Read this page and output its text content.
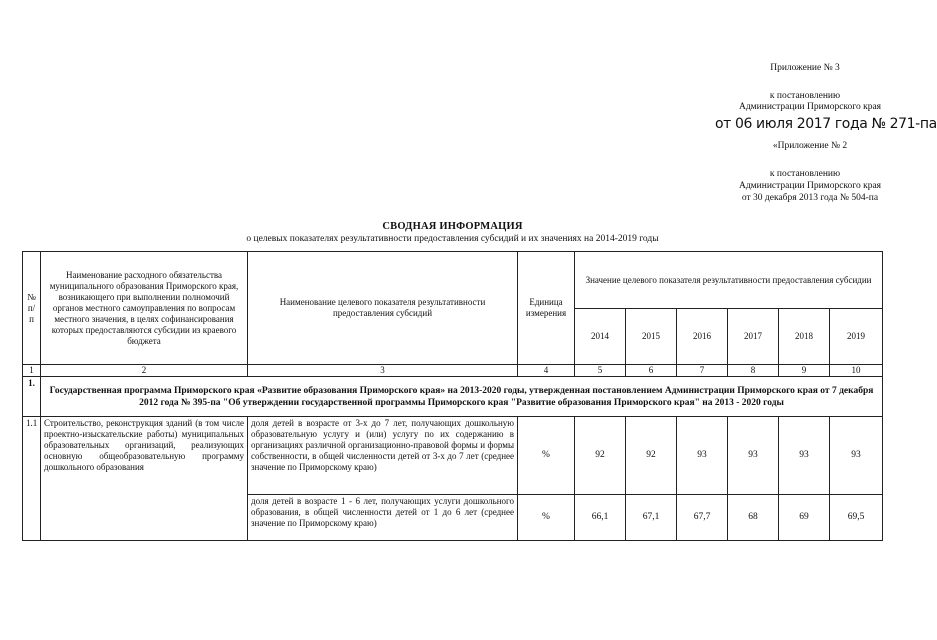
Приложение № 3
к постановлению
Администрации Приморского края
от 06 июля 2017 года № 271-па
«Приложение № 2
к постановлению
Администрации Приморского края
от 30 декабря 2013 года № 504-па
СВОДНАЯ ИНФОРМАЦИЯ
о целевых показателях результативности предоставления субсидий и их значениях на 2014-2019 годы
№ п/п	Наименование расходного обязательства муниципального образования Приморского края, возникающего при выполнении полномочий органов местного самоуправления по вопросам местного значения, в целях софинансирования которых предоставляются субсидии из краевого бюджета	Наименование целевого показателя результативности предоставления субсидий	Единица измерения	Значение целевого показателя результативности предоставления субсидии					
				2014	2015	2016	2017	2018	2019
1	2	3	4	5	6	7	8	9	10
1.	Государственная программа Приморского края «Развитие образования Приморского края» на 2013-2020 годы, утвержденная постановлением Администрации Приморского края от 7 декабря 2012 года № 395-па "Об утверждении государственной программы Приморского края "Развитие образования Приморского края" на 2013 - 2020 годы								
1.1	Строительство, реконструкция зданий (в том числе проектно-изыскательские работы) муниципальных образовательных организаций, реализующих основную общеобразовательную программу дошкольного образования	доля детей в возрасте от 3-х до 7 лет, получающих дошкольную образовательную услугу и (или) услугу по их содержанию в организациях различной организационно-правовой формы и формы собственности, в общей численности детей от 3-х до 7 лет (среднее значение по Приморскому краю)	%	92	92	93	93	93	93
		доля детей в возрасте 1 - 6 лет, получающих услуги дошкольного образования, в общей численности детей от 1 до 6 лет (среднее значение по Приморскому краю)	%	66,1	67,1	67,7	68	69	69,5
